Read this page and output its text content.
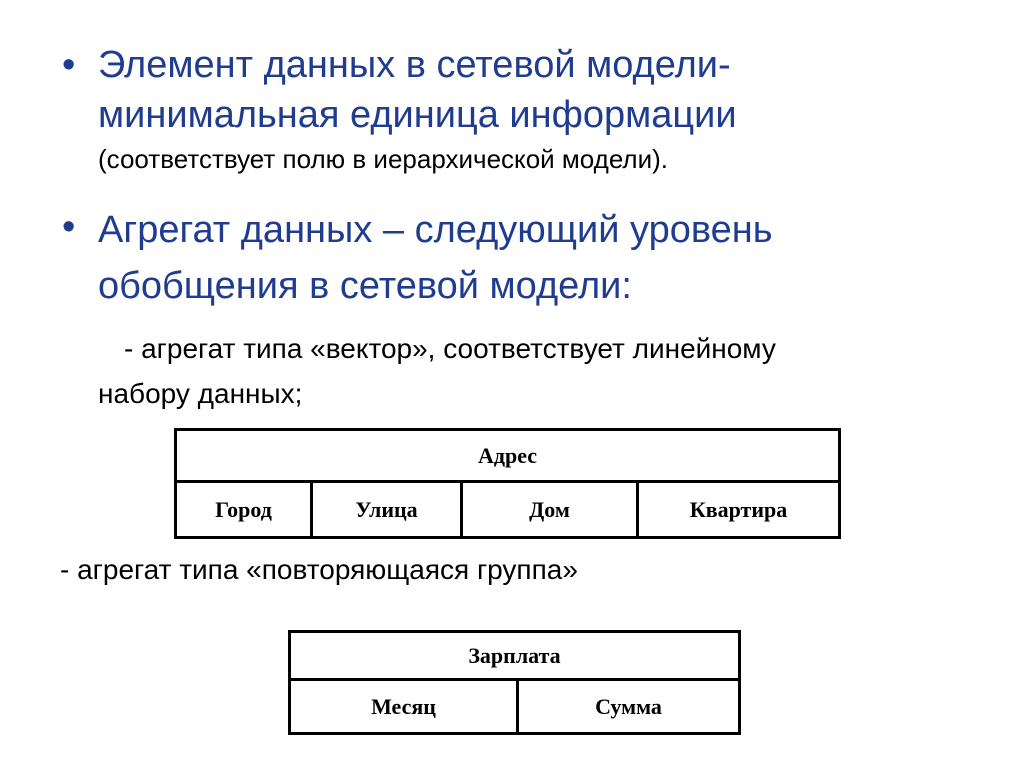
• Элемент данных в сетевой модели-
минимальная единица информации
(соответствует полю в иерархической модели).
• Агрегат данных – следующий уровень
обобщения в сетевой модели:
- агрегат типа «вектор», соответствует линейному
набору данных;
Адрес
Город	Улица	Дом	Квартира
- агрегат типа «повторяющаяся группа»
Зарплата
Месяц	Сумма
